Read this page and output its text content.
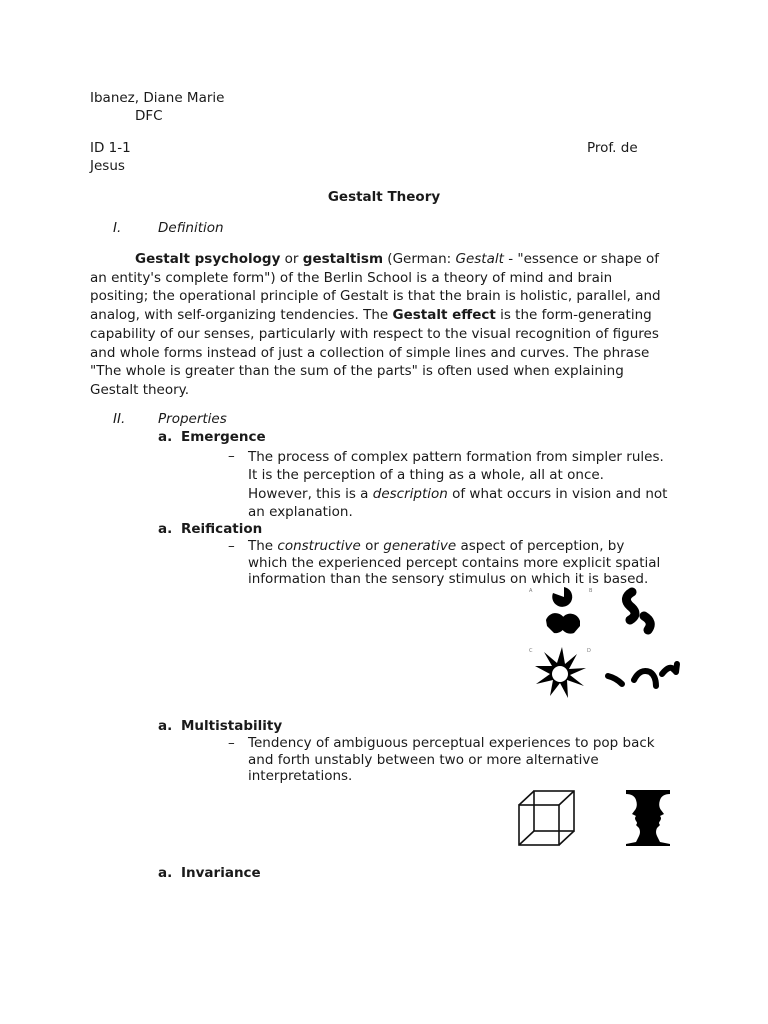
Ibanez, Diane Marie
DFC
ID 1-1	Prof. de
Jesus
Gestalt Theory
I.	Definition
Gestalt psychology or gestaltism (German: Gestalt - "essence or shape of
an entity's complete form") of the Berlin School is a theory of mind and brain
positing; the operational principle of Gestalt is that the brain is holistic, parallel, and
analog, with self-organizing tendencies. The Gestalt effect is the form-generating
capability of our senses, particularly with respect to the visual recognition of figures
and whole forms instead of just a collection of simple lines and curves. The phrase
"The whole is greater than the sum of the parts" is often used when explaining
Gestalt theory.
II. Properties
a. Emergence
– The process of complex pattern formation from simpler rules.
It is the perception of a thing as a whole, all at once.
However, this is a description of what occurs in vision and not
an explanation.
a. Reification
– The constructive or generative aspect of perception, by
which the experienced percept contains more explicit spatial
information than the sensory stimulus on which it is based.
A	B
C	D
a. Multistability
– Tendency of ambiguous perceptual experiences to pop back
and forth unstably between two or more alternative
interpretations.
a. Invariance
